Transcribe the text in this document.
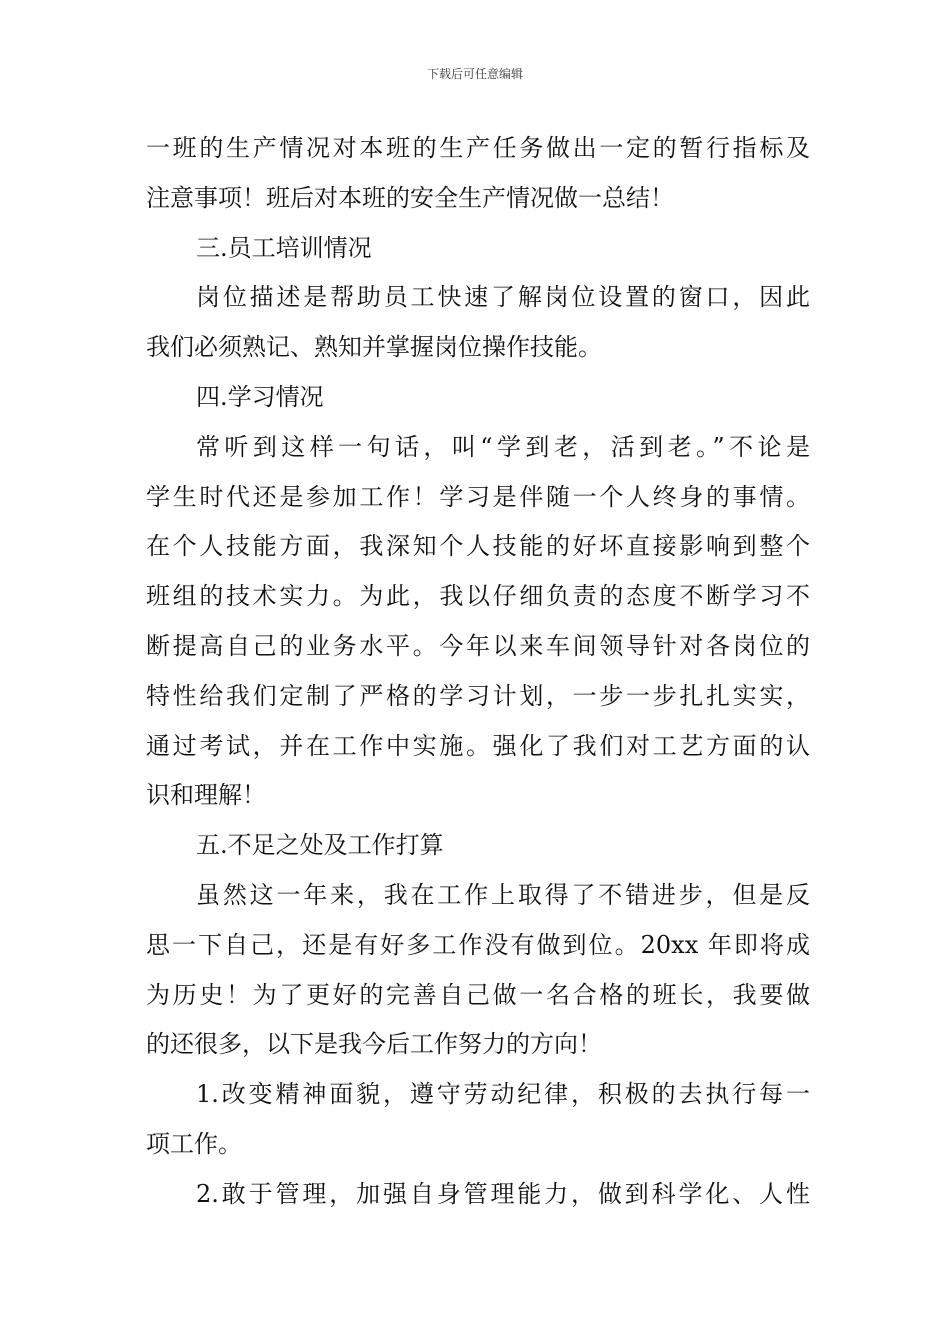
下载后可任意编辑
一班的生产情况对本班的生产任务做出一定的暂行指标及
注意事项！班后对本班的安全生产情况做一总结！
三.员工培训情况
岗位描述是帮助员工快速了解岗位设置的窗口，因此
我们必须熟记、熟知并掌握岗位操作技能。
四.学习情况
常听到这样一句话，叫“学到老，活到老。”不论是
学生时代还是参加工作！学习是伴随一个人终身的事情。
在个人技能方面，我深知个人技能的好坏直接影响到整个
班组的技术实力。为此，我以仔细负责的态度不断学习不
断提高自己的业务水平。今年以来车间领导针对各岗位的
特性给我们定制了严格的学习计划，一步一步扎扎实实，
通过考试，并在工作中实施。强化了我们对工艺方面的认
识和理解！
五.不足之处及工作打算
虽然这一年来，我在工作上取得了不错进步，但是反
思一下自己，还是有好多工作没有做到位。20xx 年即将成
为历史！为了更好的完善自己做一名合格的班长，我要做
的还很多，以下是我今后工作努力的方向！
1.改变精神面貌，遵守劳动纪律，积极的去执行每一
项工作。
2.敢于管理，加强自身管理能力，做到科学化、人性
